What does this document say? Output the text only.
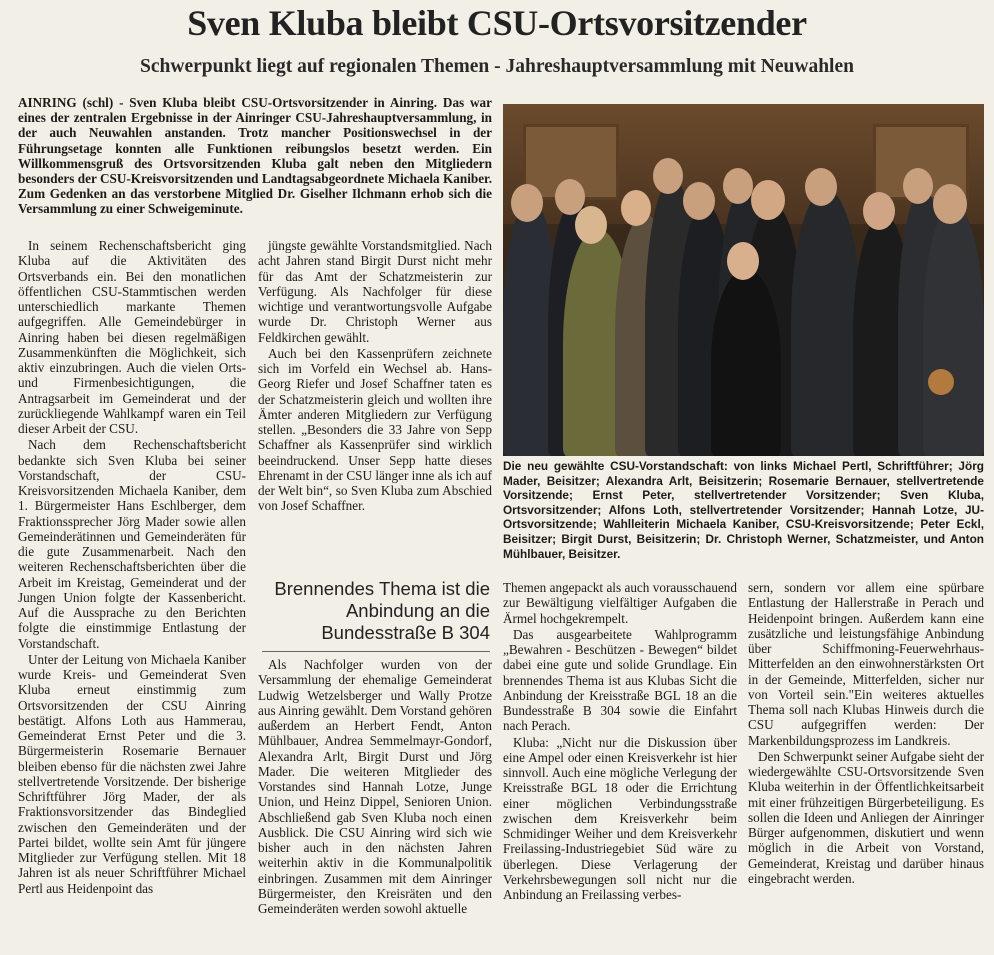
Sven Kluba bleibt CSU-Ortsvorsitzender
Schwerpunkt liegt auf regionalen Themen - Jahreshauptversammlung mit Neuwahlen
AINRING (schl) - Sven Kluba bleibt CSU-Ortsvorsitzender in Ainring. Das war eines der zentralen Ergebnisse in der Ainringer CSU-Jahreshauptversammlung, in der auch Neuwahlen anstanden. Trotz mancher Positionswechsel in der Führungsetage konnten alle Funktionen reibungslos besetzt werden. Ein Willkommensgruß des Ortsvorsitzenden Kluba galt neben den Mitgliedern besonders der CSU-Kreisvorsitzenden und Landtagsabgeordnete Michaela Kaniber. Zum Gedenken an das verstorbene Mitglied Dr. Giselher Ilchmann erhob sich die Versammlung zu einer Schweigeminute.

In seinem Rechenschaftsbericht ging Kluba auf die Aktivitäten des Ortsverbands ein. Bei den monatlichen öffentlichen CSU-Stammtischen werden unterschiedlich markante Themen aufgegriffen. Alle Gemeindebürger in Ainring haben bei diesen regelmäßigen Zusammenkünften die Möglichkeit, sich aktiv einzubringen. Auch die vielen Orts- und Firmenbesichtigungen, die Antragsarbeit im Gemeinderat und der zurückliegende Wahlkampf waren ein Teil dieser Arbeit der CSU.

Nach dem Rechenschaftsbericht bedankte sich Sven Kluba bei seiner Vorstandschaft, der CSU- Kreisvorsitzenden Michaela Kaniber, dem 1. Bürgermeister Hans Eschlberger, dem Fraktionssprecher Jörg Mader sowie allen Gemeinderätinnen und Gemeinderäten für die gute Zusammenarbeit. Nach den weiteren Rechenschaftsberichten über die Arbeit im Kreistag, Gemeinderat und der Jungen Union folgte der Kassenbericht. Auf die Aussprache zu den Berichten folgte die einstimmige Entlastung der Vorstandschaft.

Unter der Leitung von Michaela Kaniber wurde Kreis- und Gemeinderat Sven Kluba erneut einstimmig zum Ortsvorsitzenden der CSU Ainring bestätigt. Alfons Loth aus Hammerau, Gemeinderat Ernst Peter und die 3. Bürgermeisterin Rosemarie Bernauer bleiben ebenso für die nächsten zwei Jahre stellvertretende Vorsitzende. Der bisherige Schriftführer Jörg Mader, der als Fraktionsvorsitzender das Bindeglied zwischen den Gemeinderäten und der Partei bildet, wollte sein Amt für jüngere Mitglieder zur Verfügung stellen. Mit 18 Jahren ist als neuer Schriftführer Michael Pertl aus Heidenpoint das

jüngste gewählte Vorstandsmitglied. Nach acht Jahren stand Birgit Durst nicht mehr für das Amt der Schatzmeisterin zur Verfügung. Als Nachfolger für diese wichtige und verantwortungsvolle Aufgabe wurde Dr. Christoph Werner aus Feldkirchen gewählt.

Auch bei den Kassenprüfern zeichnete sich im Vorfeld ein Wechsel ab. Hans-Georg Riefer und Josef Schaffner taten es der Schatzmeisterin gleich und wollten ihre Ämter anderen Mitgliedern zur Verfügung stellen. „Besonders die 33 Jahre von Sepp Schaffner als Kassenprüfer sind wirklich beeindruckend. Unser Sepp hatte dieses Ehrenamt in der CSU länger inne als ich auf der Welt bin“, so Sven Kluba zum Abschied von Josef Schaffner.

Brennendes Thema ist die Anbindung an die Bundesstraße B 304

Als Nachfolger wurden von der Versammlung der ehemalige Gemeinderat Ludwig Wetzelsberger und Wally Protze aus Ainring gewählt. Dem Vorstand gehören außerdem an Herbert Fendt, Anton Mühlbauer, Andrea Semmelmayr-Gondorf, Alexandra Arlt, Birgit Durst und Jörg Mader. Die weiteren Mitglieder des Vorstandes sind Hannah Lotze, Junge Union, und Heinz Dippel, Senioren Union. Abschließend gab Sven Kluba noch einen Ausblick. Die CSU Ainring wird sich wie bisher auch in den nächsten Jahren weiterhin aktiv in die Kommunalpolitik einbringen. Zusammen mit dem Ainringer Bürgermeister, den Kreisräten und den Gemeinderäten werden sowohl aktuelle

Die neu gewählte CSU-Vorstandschaft: von links Michael Pertl, Schriftführer; Jörg Mader, Beisitzer; Alexandra Arlt, Beisitzerin; Rosemarie Bernauer, stellvertretende Vorsitzende; Ernst Peter, stellvertretender Vorsitzender; Sven Kluba, Ortsvorsitzender; Alfons Loth, stellvertretender Vorsitzender; Hannah Lotze, JU-Ortsvorsitzende; Wahlleiterin Michaela Kaniber, CSU-Kreisvorsitzende; Peter Eckl, Beisitzer; Birgit Durst, Beisitzerin; Dr. Christoph Werner, Schatzmeister, und Anton Mühlbauer, Beisitzer.

Themen angepackt als auch vorausschauend zur Bewältigung vielfältiger Aufgaben die Ärmel hochgekrempelt.

Das ausgearbeitete Wahlprogramm „Bewahren - Beschützen - Bewegen“ bildet dabei eine gute und solide Grundlage. Ein brennendes Thema ist aus Klubas Sicht die Anbindung der Kreisstraße BGL 18 an die Bundesstraße B 304 sowie die Einfahrt nach Perach.

Kluba: „Nicht nur die Diskussion über eine Ampel oder einen Kreisverkehr ist hier sinnvoll. Auch eine mögliche Verlegung der Kreisstraße BGL 18 oder die Errichtung einer möglichen Verbindungsstraße zwischen dem Kreisverkehr beim Schmidinger Weiher und dem Kreisverkehr Freilassing-Industriegebiet Süd wäre zu überlegen. Diese Verlagerung der Verkehrsbewegungen soll nicht nur die Anbindung an Freilassing verbes-

sern, sondern vor allem eine spürbare Entlastung der Hallerstraße in Perach und Heidenpoint bringen. Außerdem kann eine zusätzliche und leistungsfähige Anbindung über Schiffmoning-Feuerwehrhaus-Mitterfelden an den einwohnerstärksten Ort in der Gemeinde, Mitterfelden, sicher nur von Vorteil sein."Ein weiteres aktuelles Thema soll nach Klubas Hinweis durch die CSU aufgegriffen werden: Der Markenbildungsprozess im Landkreis.

Den Schwerpunkt seiner Aufgabe sieht der wiedergewählte CSU-Ortsvorsitzende Sven Kluba weiterhin in der Öffentlichkeitsarbeit mit einer frühzeitigen Bürgerbeteiligung. Es sollen die Ideen und Anliegen der Ainringer Bürger aufgenommen, diskutiert und wenn möglich in die Arbeit von Vorstand, Gemeinderat, Kreistag und darüber hinaus eingebracht werden.
